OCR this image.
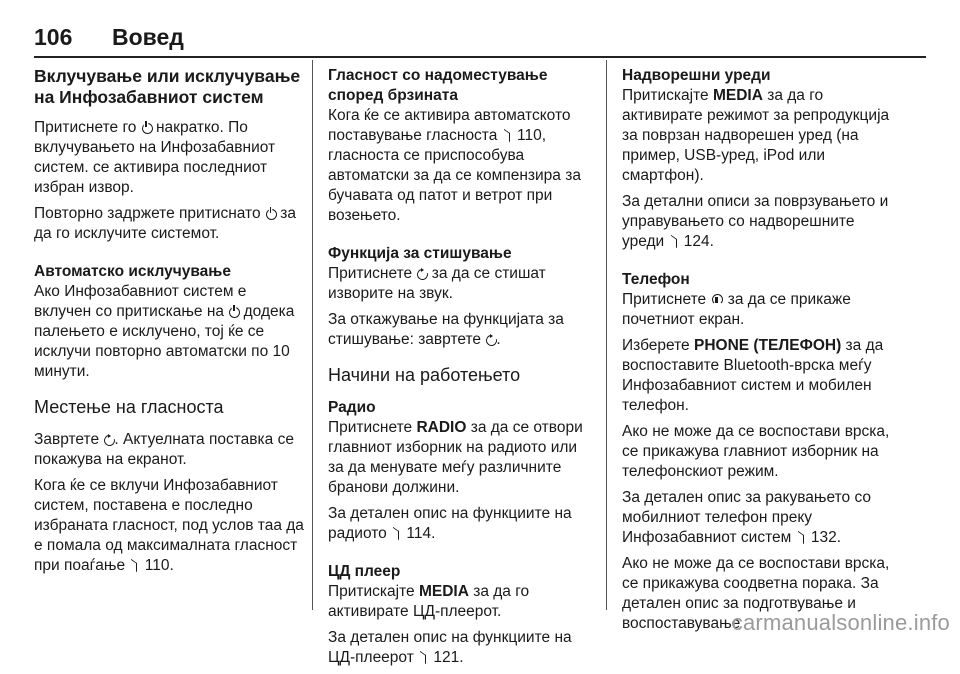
106 Вовед
Вклучување или исклучување на Инфозабавниот систем
Притиснете го  накратко. По вклучувањето на Инфозабавниот систем. се активира последниот избран извор.
Повторно задржете притиснато  за да го исклучите системот.
Автоматско исклучување
Ако Инфозабавниот систем е вклучен со притискање на  додека палењето е исклучено, тој ќе се исклучи повторно автоматски по 10 минути.
Местење на гласноста
Завртете . Актуелната поставка се покажува на екранот.
Кога ќе се вклучи Инфозабавниот систем, поставена е последно избраната гласност, под услов таа да е помала од максималната гласност при поаѓање  110.
Гласност со надоместување според брзината
Кога ќе се активира автоматското поставување гласноста  110, гласноста се приспособува автоматски за да се компензира за бучавата од патот и ветрот при возењето.
Функција за стишување
Притиснете  за да се стишат изворите на звук.
За откажување на функцијата за стишување: завртете .
Начини на работењето
Радио
Притиснете RADIO за да се отвори главниот изборник на радиото или за да менувате меѓу различните бранови должини.
За детален опис на функциите на радиото  114.
ЦД плеер
Притискајте MEDIA за да го активирате ЦД-плеерот.
За детален опис на функциите на ЦД-плеерот  121.
Надворешни уреди
Притискајте MEDIA за да го активирате режимот за репродукција за поврзан надворешен уред (на пример, USB-уред, iPod или смартфон).
За детални описи за поврзувањето и управувањето со надворешните уреди  124.
Телефон
Притиснете  за да се прикаже почетниот екран.
Изберете PHONE (ТЕЛЕФОН) за да воспоставите Bluetooth-врска меѓу Инфозабавниот систем и мобилен телефон.
Ако не може да се воспостави врска, се прикажува главниот изборник на телефонскиот режим.
За детален опис за ракувањето со мобилниот телефон преку Инфозабавниот систем  132.
Ако не може да се воспостави врска, се прикажува соодветна порака. За детален опис за подготвување и воспоставување
carmanualsonline.info
